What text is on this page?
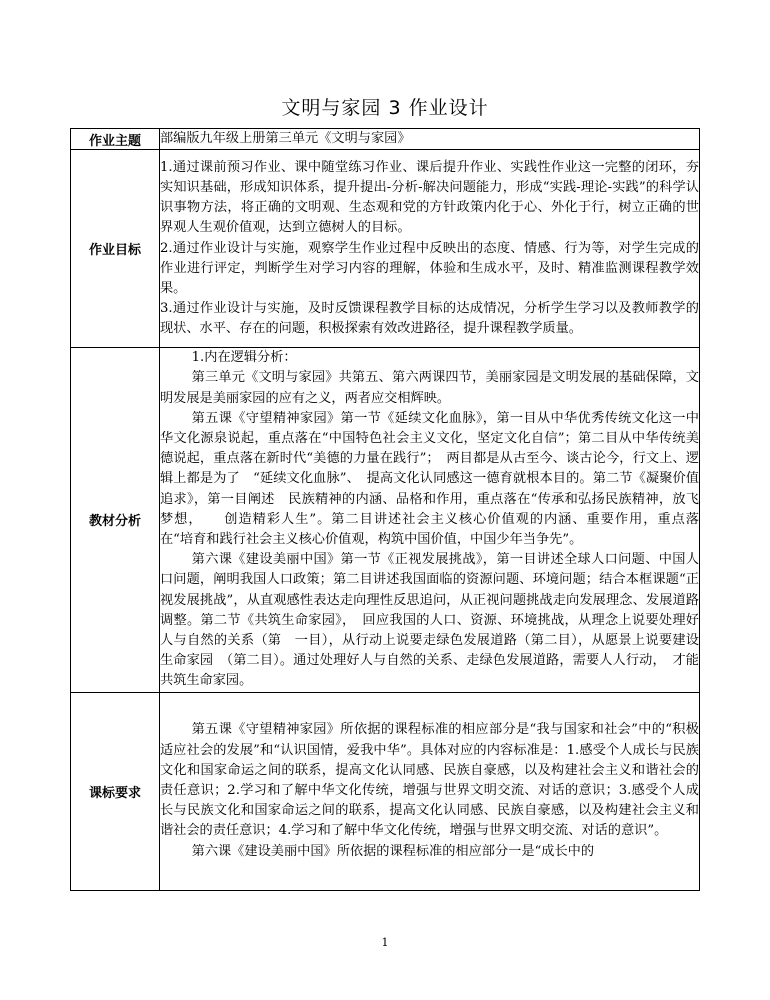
文明与家园 3 作业设计
作业主题	部编版九年级上册第三单元《文明与家园》

作业目标	1.通过课前预习作业、课中随堂练习作业、课后提升作业、实践性作业这一完整的闭环，夯实知识基础，形成知识体系，提升提出-分析-解决问题能力，形成“实践-理论-实践”的科学认识事物方法，将正确的文明观、生态观和党的方针政策内化于心、外化于行，树立正确的世界观人生观价值观，达到立德树人的目标。

2.通过作业设计与实施，观察学生作业过程中反映出的态度、情感、行为等，对学生完成的作业进行评定，判断学生对学习内容的理解，体验和生成水平，及时、精准监测课程教学效果。

3.通过作业设计与实施，及时反馈课程教学目标的达成情况，分析学生学习以及教师教学的现状、水平、存在的问题，积极探索有效改进路径，提升课程教学质量。

教材分析	1.内在逻辑分析：

第三单元《文明与家园》共第五、第六两课四节，美丽家园是文明发展的基础保障，文明发展是美丽家园的应有之义，两者应交相辉映。

第五课《守望精神家园》第一节《延续文化血脉》，第一目从中华优秀传统文化这一中华文化源泉说起，重点落在“中国特色社会主义文化，坚定文化自信”；第二目从中华传统美德说起，重点落在新时代“美德的力量在践行”；　两目都是从古至今、谈古论今，行文上、逻辑上都是为了　“延续文化血脉”、　提高文化认同感这一德育就根本目的。第二节《凝聚价值追求》，第一目阐述　民族精神的内涵、品格和作用，重点落在“传承和弘扬民族精神，放飞梦想，　　创造精彩人生”。第二目讲述社会主义核心价值观的内涵、重要作用，重点落　在“培育和践行社会主义核心价值观，构筑中国价值，中国少年当争先”。

第六课《建设美丽中国》第一节《正视发展挑战》，第一目讲述全球人口问题、中国人口问题，阐明我国人口政策；第二目讲述我国面临的资源问题、环境问题；结合本框课题“正视发展挑战”，从直观感性表达走向理性反思追问，从正视问题挑战走向发展理念、发展道路调整。第二节《共筑生命家园》，　回应我国的人口、资源、环境挑战，从理念上说要处理好人与自然的关系（第　一目），从行动上说要走绿色发展道路（第二目），从愿景上说要建设生命家园　（第二目）。通过处理好人与自然的关系、走绿色发展道路，需要人人行动，　才能共筑生命家园。

课标要求	第五课《守望精神家园》所依据的课程标准的相应部分是“我与国家和社会”中的“积极适应社会的发展”和“认识国情，爱我中华”。具体对应的内容标准是：1.感受个人成长与民族文化和国家命运之间的联系，提高文化认同感、民族自豪感，以及构建社会主义和谐社会的责任意识；2.学习和了解中华文化传统，增强与世界文明交流、对话的意识；3.感受个人成长与民族文化和国家命运之间的联系，提高文化认同感、民族自豪感，以及构建社会主义和谐社会的责任意识；4.学习和了解中华文化传统，增强与世界文明交流、对话的意识”。

第六课《建设美丽中国》所依据的课程标准的相应部分一是“成长中的

1
